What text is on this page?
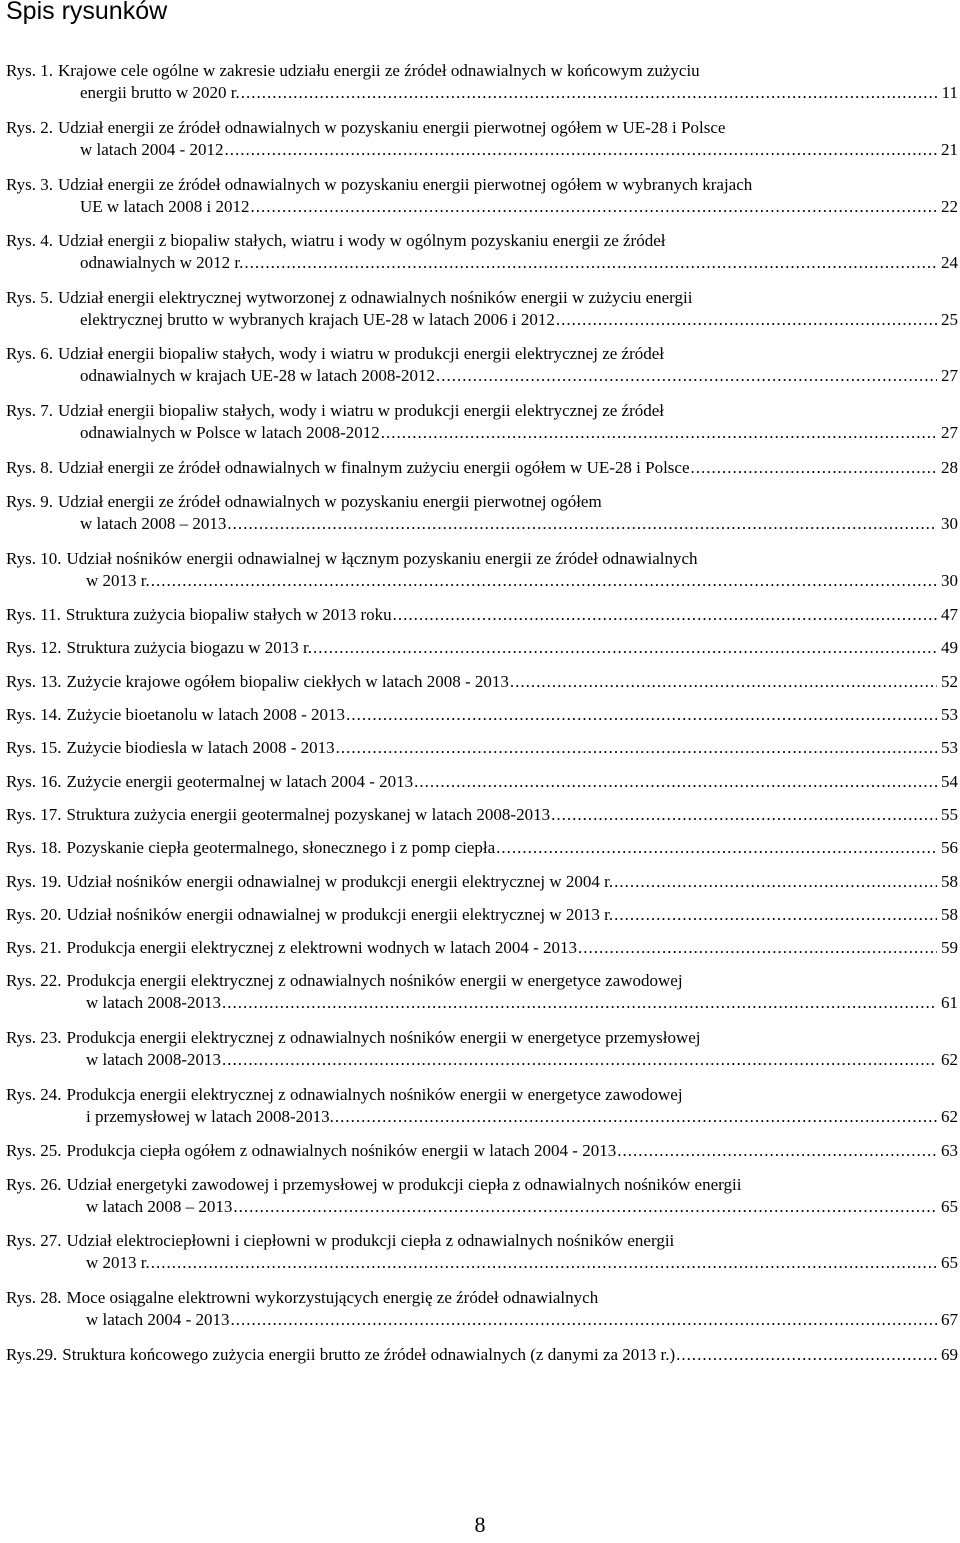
Spis rysunków
Rys. 1. Krajowe cele ogólne w zakresie udziału energii ze źródeł odnawialnych w końcowym zużyciu
energii brutto w 2020 r. .....	11
Rys. 2. Udział energii ze źródeł odnawialnych w pozyskaniu energii pierwotnej ogółem w UE-28 i Polsce
w latach 2004 - 2012 .....	21
Rys. 3. Udział energii ze źródeł odnawialnych w pozyskaniu energii pierwotnej ogółem w wybranych krajach
UE w latach 2008 i 2012 .....	22
Rys. 4. Udział energii z biopaliw stałych, wiatru i wody w ogólnym pozyskaniu energii ze źródeł
odnawialnych w 2012 r. .....	24
Rys. 5. Udział energii elektrycznej wytworzonej z odnawialnych nośników energii w zużyciu energii
elektrycznej brutto w wybranych krajach UE-28 w latach 2006 i 2012 .....	25
Rys. 6. Udział energii biopaliw stałych, wody i wiatru w produkcji energii elektrycznej ze źródeł
odnawialnych w krajach UE-28 w latach 2008-2012 .....	27
Rys. 7. Udział energii biopaliw stałych, wody i wiatru w produkcji energii elektrycznej ze źródeł
odnawialnych w Polsce w latach 2008-2012 .....	27
Rys. 8. Udział energii ze źródeł odnawialnych w finalnym zużyciu energii ogółem w UE-28 i Polsce .....	28
Rys. 9. Udział energii ze źródeł odnawialnych w pozyskaniu energii pierwotnej ogółem
w latach 2008 – 2013 .....	30
Rys. 10. Udział nośników energii odnawialnej w łącznym pozyskaniu energii ze źródeł odnawialnych
w 2013 r. .....	30
Rys. 11. Struktura zużycia biopaliw stałych w 2013 roku .....	47
Rys. 12. Struktura zużycia biogazu w 2013 r. .....	49
Rys. 13. Zużycie krajowe ogółem biopaliw ciekłych w latach 2008 - 2013 .....	52
Rys. 14. Zużycie bioetanolu w latach 2008 - 2013 .....	53
Rys. 15. Zużycie biodiesla w latach 2008 - 2013 .....	53
Rys. 16. Zużycie energii geotermalnej w latach 2004 - 2013 .....	54
Rys. 17. Struktura zużycia energii geotermalnej pozyskanej w latach 2008-2013 .....	55
Rys. 18. Pozyskanie ciepła geotermalnego, słonecznego i z pomp ciepła .....	56
Rys. 19. Udział nośników energii odnawialnej w produkcji energii elektrycznej w 2004 r. .....	58
Rys. 20. Udział nośników energii odnawialnej w produkcji energii elektrycznej w 2013 r. .....	58
Rys. 21. Produkcja energii elektrycznej z elektrowni wodnych w latach 2004 - 2013 .....	59
Rys. 22. Produkcja energii elektrycznej z odnawialnych nośników energii w energetyce zawodowej
w latach 2008-2013 .....	61
Rys. 23. Produkcja energii elektrycznej z odnawialnych nośników energii w energetyce przemysłowej
w latach 2008-2013 .....	62
Rys. 24. Produkcja energii elektrycznej z odnawialnych nośników energii w energetyce zawodowej
i przemysłowej w latach 2008-2013. .....	62
Rys. 25. Produkcja ciepła ogółem z odnawialnych nośników energii w latach 2004 - 2013 .....	63
Rys. 26. Udział energetyki zawodowej i przemysłowej w produkcji ciepła z odnawialnych nośników energii
w latach 2008 – 2013 .....	65
Rys. 27. Udział elektrociepłowni i ciepłowni w produkcji ciepła z odnawialnych nośników energii
w 2013 r. .....	65
Rys. 28. Moce osiągalne elektrowni wykorzystujących energię ze źródeł odnawialnych
w latach 2004 - 2013 .....	67
Rys.29. Struktura końcowego zużycia energii brutto ze źródeł odnawialnych (z danymi za 2013 r.) .....	69
8
